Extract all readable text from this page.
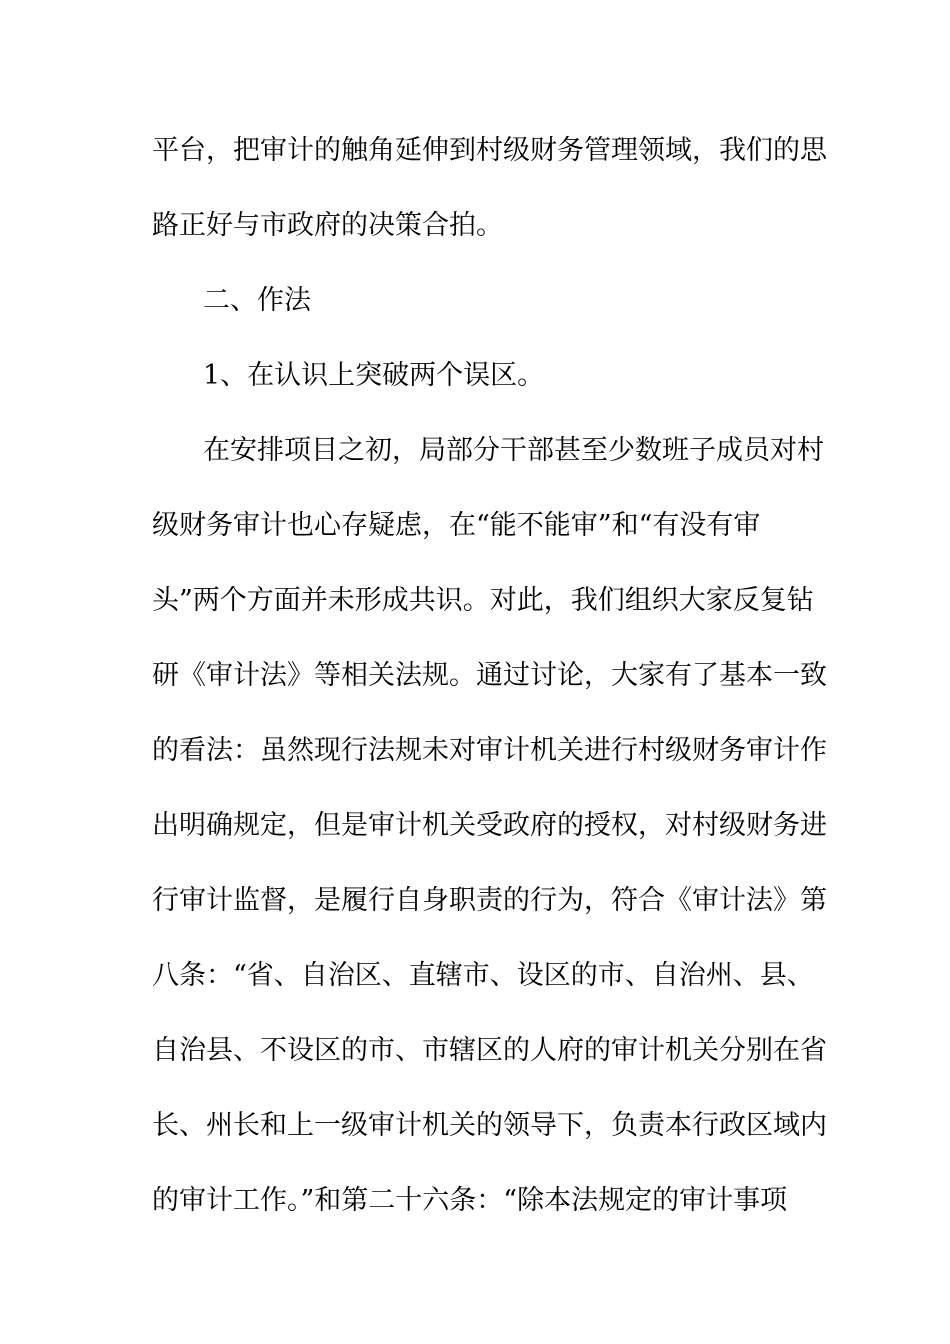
平台，把审计的触角延伸到村级财务管理领域，我们的思
路正好与市政府的决策合拍。
二、作法
1、在认识上突破两个误区。
在安排项目之初，局部分干部甚至少数班子成员对村
级财务审计也心存疑虑，在“能不能审”和“有没有审
头”两个方面并未形成共识。对此，我们组织大家反复钻
研《审计法》等相关法规。通过讨论，大家有了基本一致
的看法：虽然现行法规未对审计机关进行村级财务审计作
出明确规定，但是审计机关受政府的授权，对村级财务进
行审计监督，是履行自身职责的行为，符合《审计法》第
八条：“省、自治区、直辖市、设区的市、自治州、县、
自治县、不设区的市、市辖区的人府的审计机关分别在省
长、州长和上一级审计机关的领导下，负责本行政区域内
的审计工作。”和第二十六条：“除本法规定的审计事项
